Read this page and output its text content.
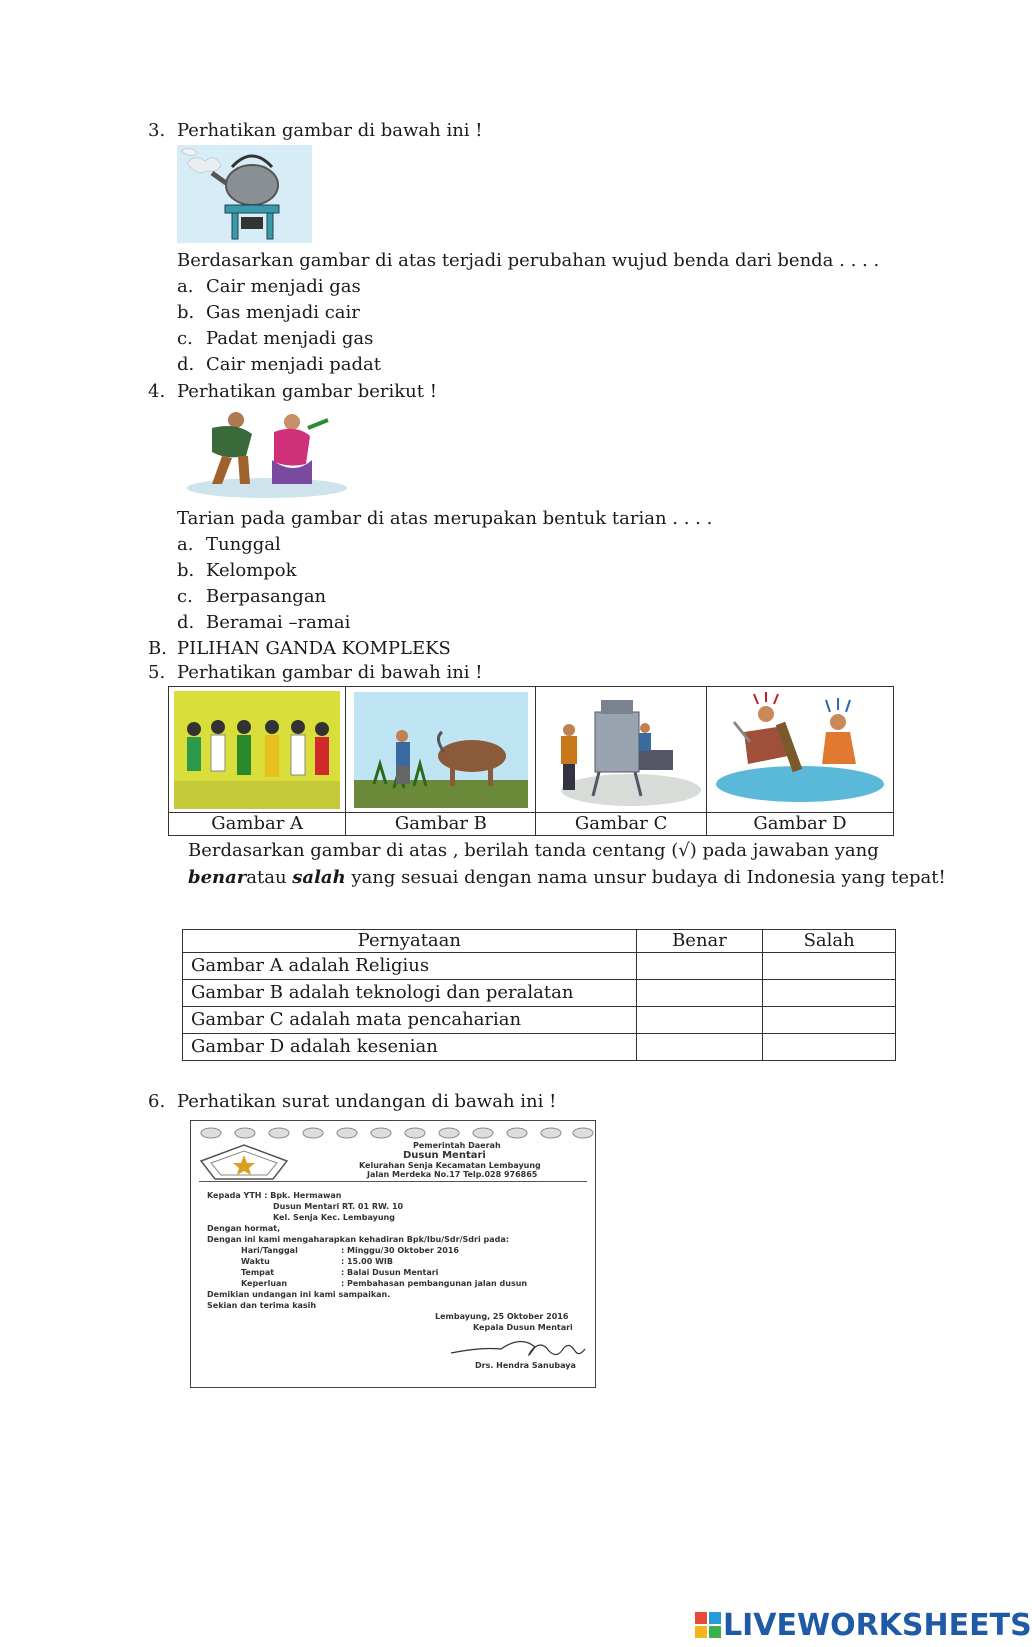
3. Perhatikan gambar di bawah ini !
Berdasarkan gambar di atas terjadi perubahan wujud benda dari benda . . . .
a. Cair menjadi gas
b. Gas menjadi cair
c. Padat menjadi gas
d. Cair menjadi padat
4. Perhatikan gambar berikut !
Tarian pada gambar di atas merupakan bentuk tarian . . . .
a. Tunggal
b. Kelompok
c. Berpasangan
d. Beramai –ramai
B. PILIHAN GANDA KOMPLEKS
5. Perhatikan gambar di bawah ini !

Gambar A	Gambar B	Gambar C	Gambar D
Berdasarkan gambar di atas , berilah tanda centang (√) pada jawaban yang
benaratau salah yang sesuai dengan nama unsur budaya di Indonesia yang tepat!
Pernyataan	Benar	Salah
Gambar A adalah Religius		
Gambar B adalah teknologi dan peralatan		
Gambar C adalah mata pencaharian		
Gambar D adalah kesenian		
6. Perhatikan surat undangan di bawah ini !
Pemerintah Daerah
Dusun Mentari
Kelurahan Senja Kecamatan Lembayung
Jalan Merdeka No.17 Telp.028 976865
Kepada YTH : Bpk. Hermawan
Dusun Mentari RT. 01 RW. 10
Kel. Senja Kec. Lembayung
Dengan hormat,
Dengan ini kami mengaharapkan kehadiran Bpk/Ibu/Sdr/Sdri pada:
Hari/Tanggal	: Minggu/30 Oktober 2016
Waktu	: 15.00 WIB
Tempat	: Balai Dusun Mentari
Keperluan	: Pembahasan pembangunan jalan dusun
Demikian undangan ini kami sampaikan.
Sekian dan terima kasih
Lembayung, 25 Oktober 2016
Kepala Dusun Mentari
Drs. Hendra Sanubaya
LIVEWORKSHEETS
